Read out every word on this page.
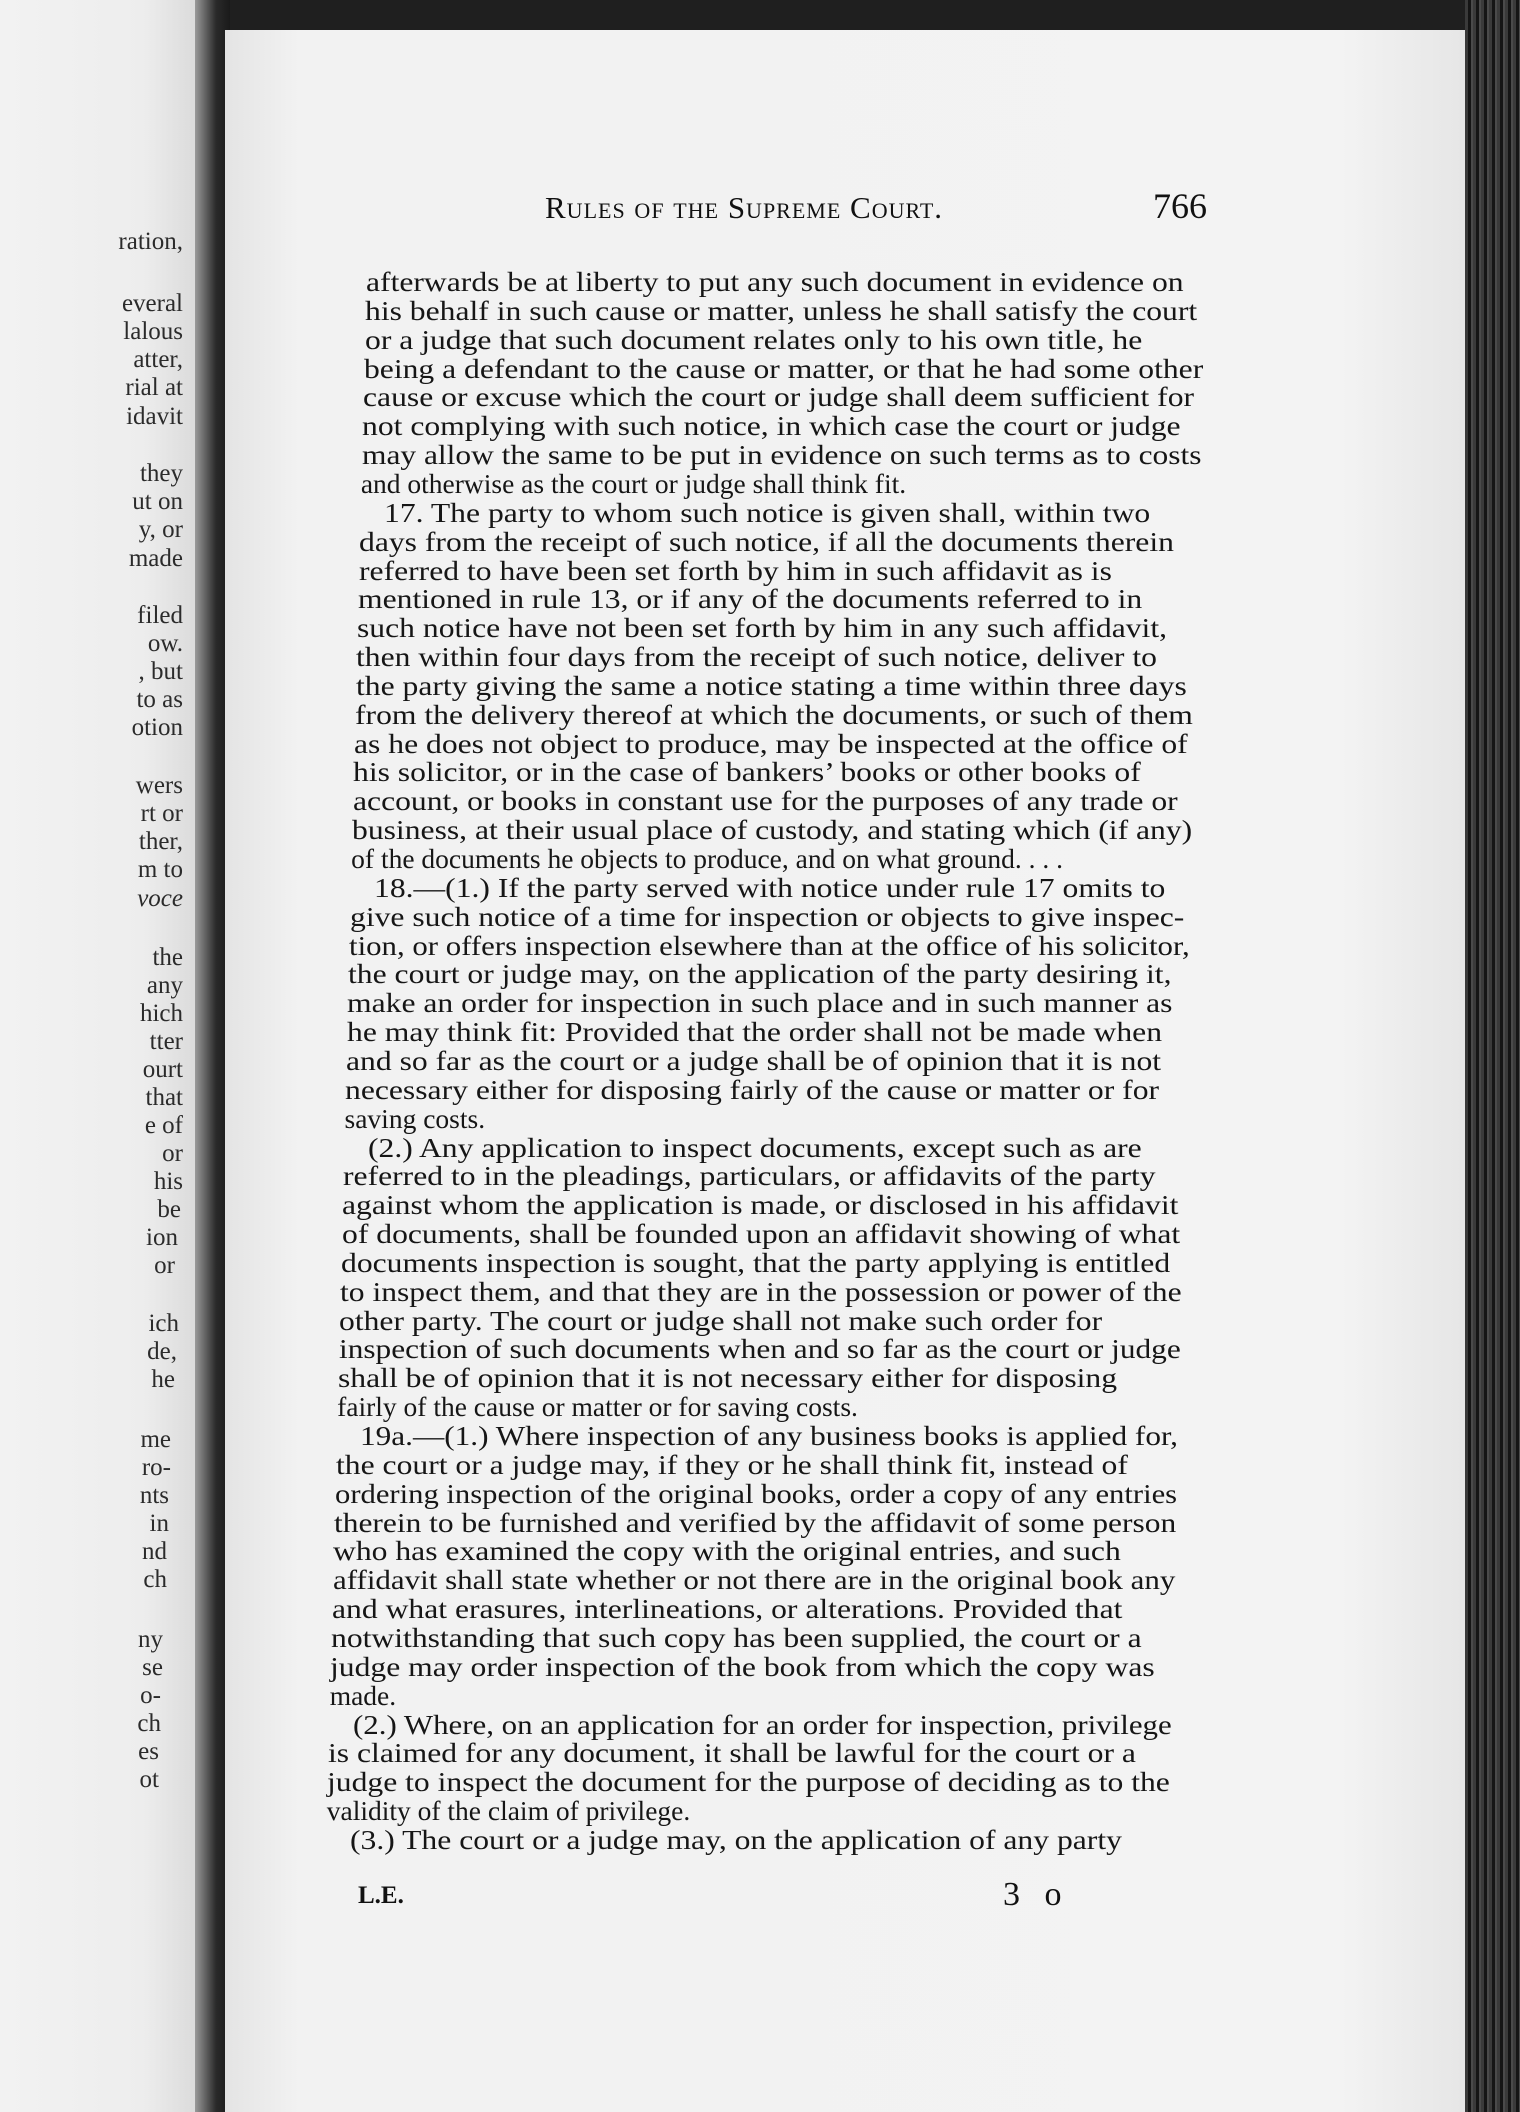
ration,
everal
lalous
atter,
rial at
idavit
they
ut on
y, or
made
filed
ow.
, but
to as
otion
wers
rt or
ther,
m to
voce
the
any
hich
tter
ourt
that
e of
or
his
be
ion
or
ich
de,
he
me
ro-
nts
in
nd
ch
ny
se
o-
ch
es
ot
766
afterwards be at liberty to put any such document in evidence on
his behalf in such cause or matter, unless he shall satisfy the court
or a judge that such document relates only to his own title, he
being a defendant to the cause or matter, or that he had some other
cause or excuse which the court or judge shall deem sufficient for
not complying with such notice, in which case the court or judge
may allow the same to be put in evidence on such terms as to costs
and otherwise as the court or judge shall think fit.
17. The party to whom such notice is given shall, within two
days from the receipt of such notice, if all the documents therein
referred to have been set forth by him in such affidavit as is
mentioned in rule 13, or if any of the documents referred to in
such notice have not been set forth by him in any such affidavit,
then within four days from the receipt of such notice, deliver to
the party giving the same a notice stating a time within three days
from the delivery thereof at which the documents, or such of them
as he does not object to produce, may be inspected at the office of
his solicitor, or in the case of bankers’ books or other books of
account, or books in constant use for the purposes of any trade or
business, at their usual place of custody, and stating which (if any)
of the documents he objects to produce, and on what ground. . . .
18.—(1.) If the party served with notice under rule 17 omits to
give such notice of a time for inspection or objects to give inspec-
tion, or offers inspection elsewhere than at the office of his solicitor,
the court or judge may, on the application of the party desiring it,
make an order for inspection in such place and in such manner as
he may think fit: Provided that the order shall not be made when
and so far as the court or a judge shall be of opinion that it is not
necessary either for disposing fairly of the cause or matter or for
saving costs.
(2.) Any application to inspect documents, except such as are
referred to in the pleadings, particulars, or affidavits of the party
against whom the application is made, or disclosed in his affidavit
of documents, shall be founded upon an affidavit showing of what
documents inspection is sought, that the party applying is entitled
to inspect them, and that they are in the possession or power of the
other party. The court or judge shall not make such order for
inspection of such documents when and so far as the court or judge
shall be of opinion that it is not necessary either for disposing
fairly of the cause or matter or for saving costs.
19a.—(1.) Where inspection of any business books is applied for,
the court or a judge may, if they or he shall think fit, instead of
ordering inspection of the original books, order a copy of any entries
therein to be furnished and verified by the affidavit of some person
who has examined the copy with the original entries, and such
affidavit shall state whether or not there are in the original book any
and what erasures, interlineations, or alterations. Provided that
notwithstanding that such copy has been supplied, the court or a
judge may order inspection of the book from which the copy was
made.
(2.) Where, on an application for an order for inspection, privilege
is claimed for any document, it shall be lawful for the court or a
judge to inspect the document for the purpose of deciding as to the
validity of the claim of privilege.
(3.) The court or a judge may, on the application of any party
L.E.	3 o
